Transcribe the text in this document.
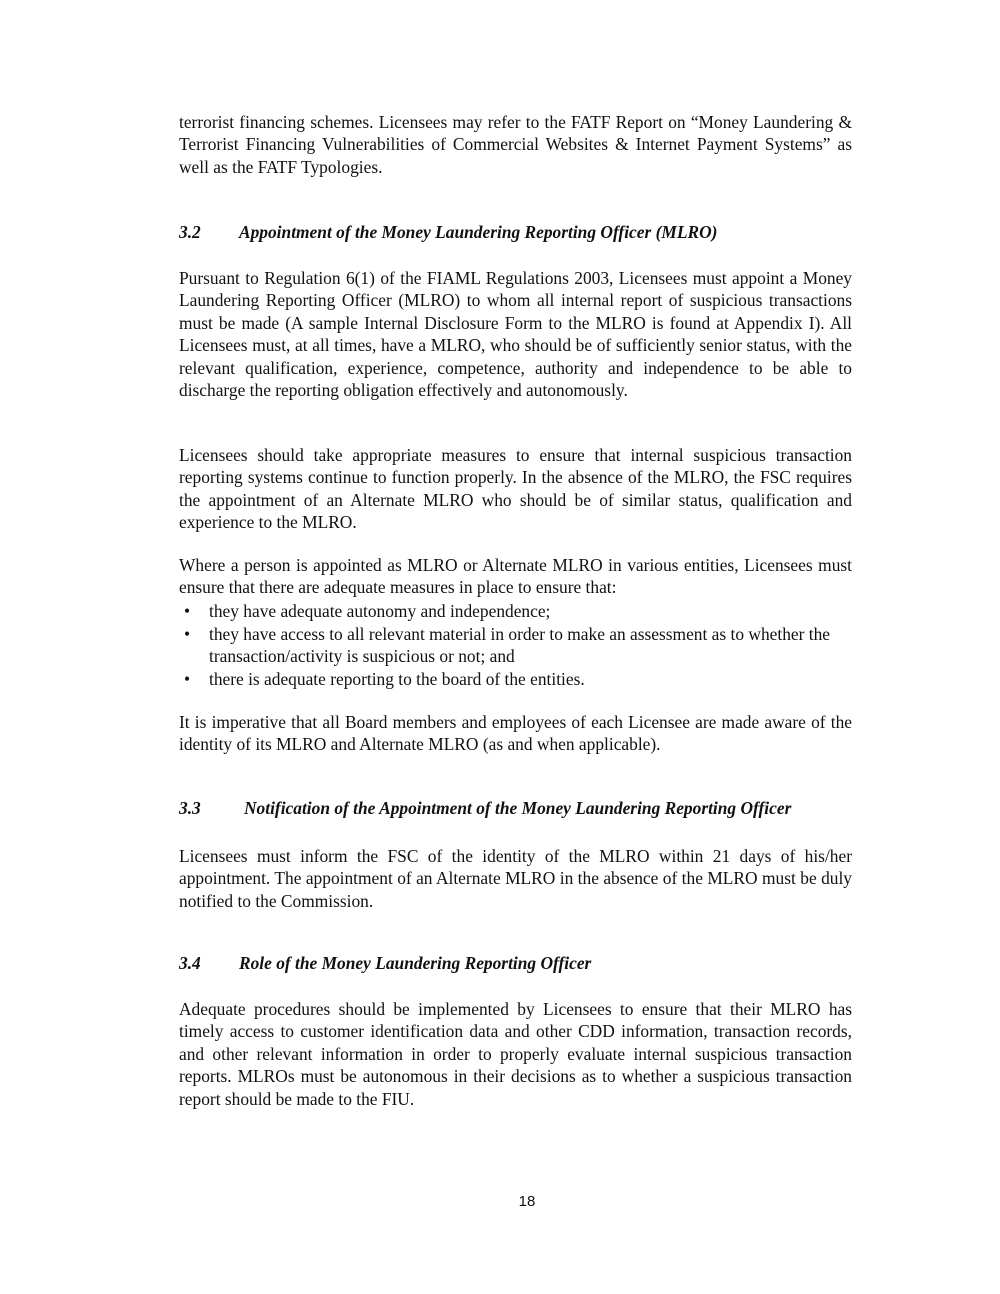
terrorist financing schemes. Licensees may refer to the FATF Report on “Money Laundering & Terrorist Financing Vulnerabilities of Commercial Websites & Internet Payment Systems” as well as the FATF Typologies.

3.2 Appointment of the Money Laundering Reporting Officer (MLRO)

Pursuant to Regulation 6(1) of the FIAML Regulations 2003, Licensees must appoint a Money Laundering Reporting Officer (MLRO) to whom all internal report of suspicious transactions must be made (A sample Internal Disclosure Form to the MLRO is found at Appendix I). All Licensees must, at all times, have a MLRO, who should be of sufficiently senior status, with the relevant qualification, experience, competence, authority and independence to be able to discharge the reporting obligation effectively and autonomously.

Licensees should take appropriate measures to ensure that internal suspicious transaction reporting systems continue to function properly. In the absence of the MLRO, the FSC requires the appointment of an Alternate MLRO who should be of similar status, qualification and experience to the MLRO.

Where a person is appointed as MLRO or Alternate MLRO in various entities, Licensees must ensure that there are adequate measures in place to ensure that:

• they have adequate autonomy and independence;
• they have access to all relevant material in order to make an assessment as to whether the transaction/activity is suspicious or not; and
• there is adequate reporting to the board of the entities.

It is imperative that all Board members and employees of each Licensee are made aware of the identity of its MLRO and Alternate MLRO (as and when applicable).

3.3 Notification of the Appointment of the Money Laundering Reporting Officer

Licensees must inform the FSC of the identity of the MLRO within 21 days of his/her appointment. The appointment of an Alternate MLRO in the absence of the MLRO must be duly notified to the Commission.

3.4 Role of the Money Laundering Reporting Officer

Adequate procedures should be implemented by Licensees to ensure that their MLRO has timely access to customer identification data and other CDD information, transaction records, and other relevant information in order to properly evaluate internal suspicious transaction reports. MLROs must be autonomous in their decisions as to whether a suspicious transaction report should be made to the FIU.

18
